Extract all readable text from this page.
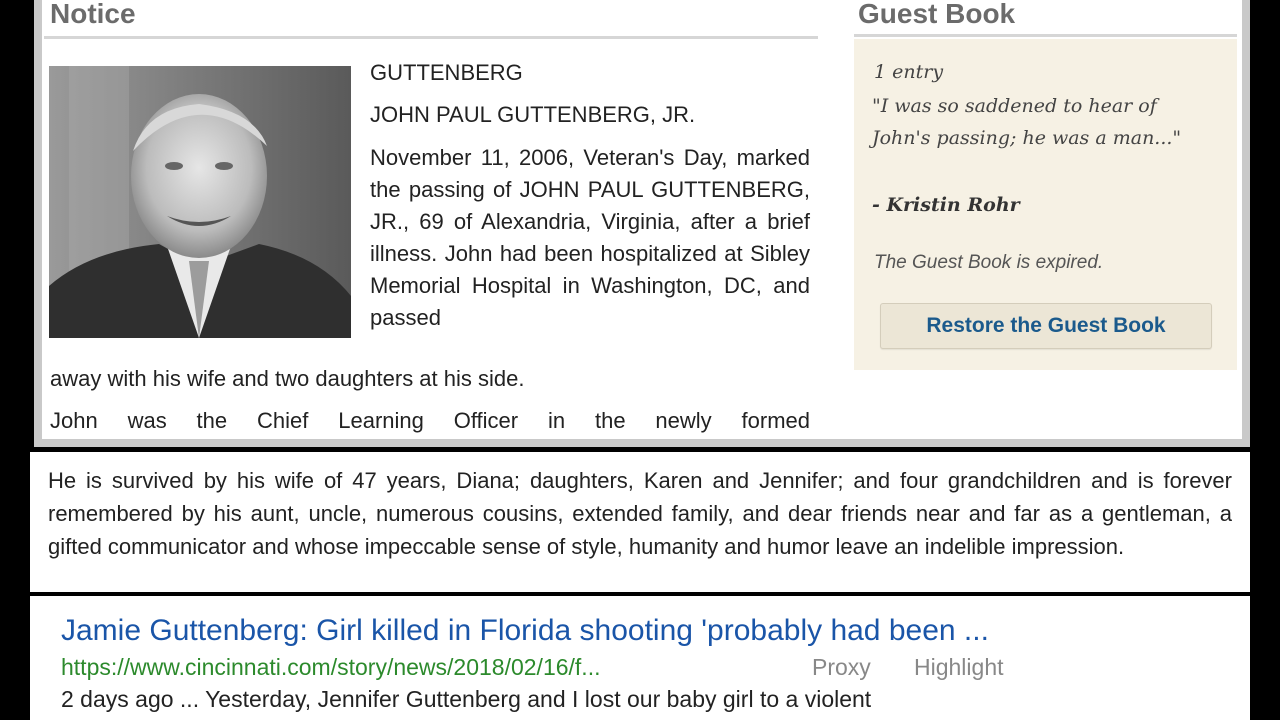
Notice
GUTTENBERG
JOHN PAUL GUTTENBERG, JR.
November 11, 2006, Veteran's Day, marked the passing of JOHN PAUL GUTTENBERG, JR., 69 of Alexandria, Virginia, after a brief illness. John had been hospitalized at Sibley Memorial Hospital in Washington, DC, and passed
away with his wife and two daughters at his side.
John was the Chief Learning Officer in the newly formed
Guest Book
1 entry
"I was so saddened to hear of John's passing; he was a man..."
- Kristin Rohr
The Guest Book is expired.
Restore the Guest Book
He is survived by his wife of 47 years, Diana; daughters, Karen and Jennifer; and four grandchildren and is forever remembered by his aunt, uncle, numerous cousins, extended family, and dear friends near and far as a gentleman, a gifted communicator and whose impeccable sense of style, humanity and humor leave an indelible impression.
Jamie Guttenberg: Girl killed in Florida shooting 'probably had been ...
https://www.cincinnati.com/story/news/2018/02/16/f...	Proxy Highlight
2 days ago ... Yesterday, Jennifer Guttenberg and I lost our baby girl to a violent
